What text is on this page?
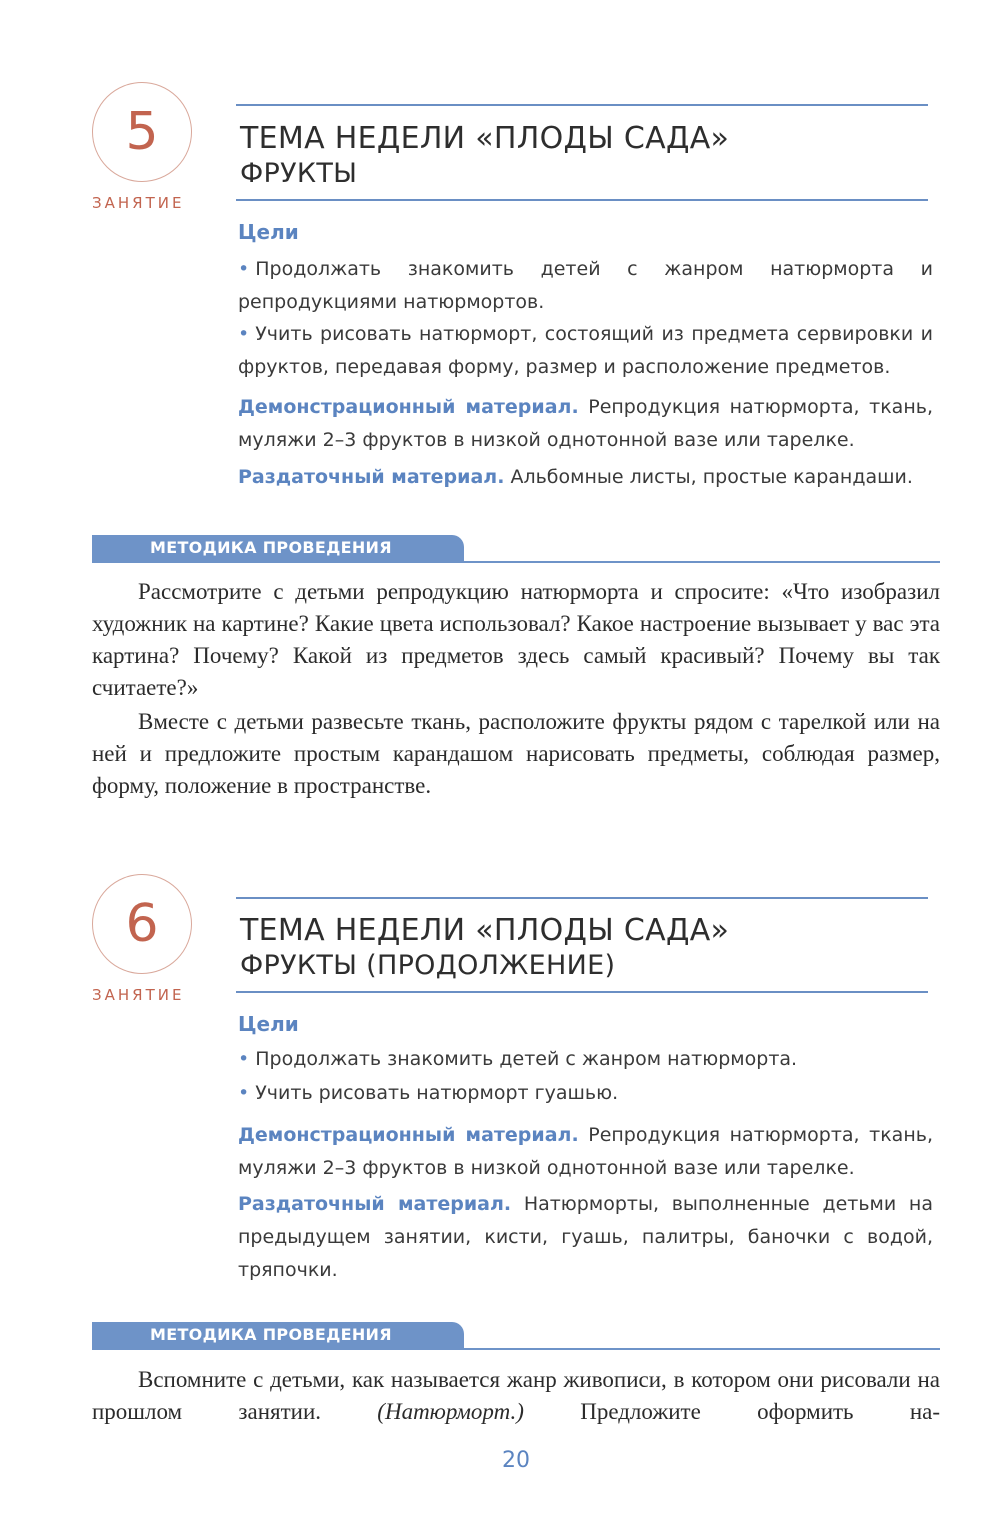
5
ЗАНЯТИЕ
ТЕМА НЕДЕЛИ «ПЛОДЫ САДА»
ФРУКТЫ
Цели
• Продолжать знакомить детей с жанром натюрморта и репродукциями натюрмортов.
• Учить рисовать натюрморт, состоящий из предмета сервировки и фруктов, передавая форму, размер и расположение предметов.
Демонстрационный материал. Репродукция натюрморта, ткань, муляжи 2–3 фруктов в низкой однотонной вазе или тарелке.
Раздаточный материал. Альбомные листы, простые карандаши.
МЕТОДИКА ПРОВЕДЕНИЯ

Рассмотрите с детьми репродукцию натюрморта и спросите: «Что изобразил художник на картине? Какие цвета использовал? Какое настроение вызывает у вас эта картина? Почему? Какой из предметов здесь самый красивый? Почему вы так считаете?»

Вместе с детьми развесьте ткань, расположите фрукты рядом с тарелкой или на ней и предложите простым карандашом нарисовать предметы, соблюдая размер, форму, положение в пространстве.

6
ЗАНЯТИЕ
ТЕМА НЕДЕЛИ «ПЛОДЫ САДА»
ФРУКТЫ (ПРОДОЛЖЕНИЕ)
Цели
• Продолжать знакомить детей с жанром натюрморта.
• Учить рисовать натюрморт гуашью.
Демонстрационный материал. Репродукция натюрморта, ткань, муляжи 2–3 фруктов в низкой однотонной вазе или тарелке.
Раздаточный материал. Натюрморты, выполненные детьми на предыдущем занятии, кисти, гуашь, палитры, баночки с водой, тряпочки.
МЕТОДИКА ПРОВЕДЕНИЯ

Вспомните с детьми, как называется жанр живописи, в котором они рисовали на прошлом занятии. (Натюрморт.) Предложите оформить на-

20
